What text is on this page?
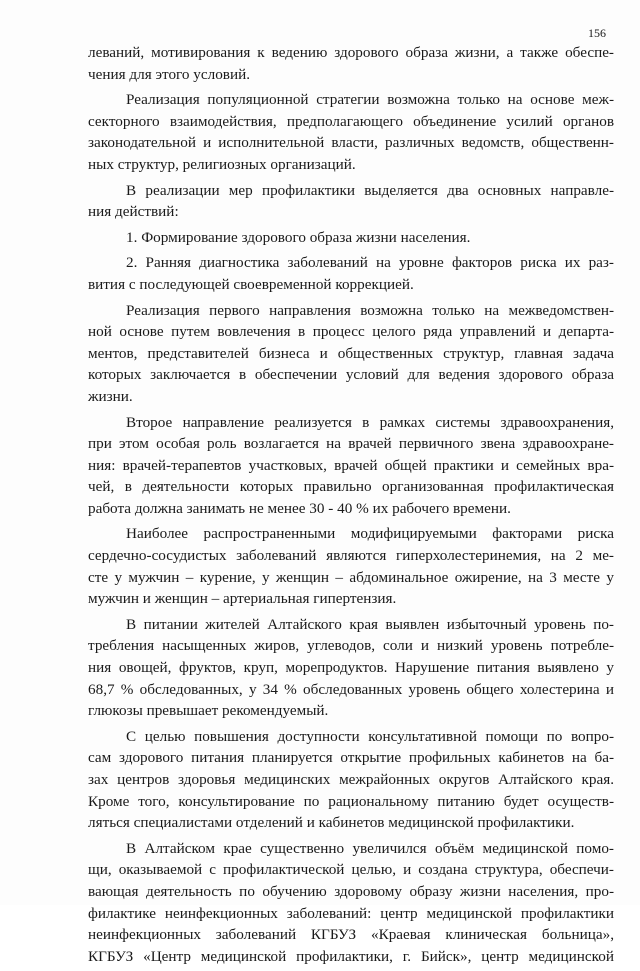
156
леваний, мотивирования к ведению здорового образа жизни, а также обеспе-
чения для этого условий.
Реализация популяционной стратегии возможна только на основе меж-
секторного взаимодействия, предполагающего объединение усилий органов
законодательной и исполнительной власти, различных ведомств, общественн-
ных структур, религиозных организаций.
В реализации мер профилактики выделяется два основных направле-
ния действий:
1. Формирование здорового образа жизни населения.
2. Ранняя диагностика заболеваний на уровне факторов риска их раз-
вития с последующей своевременной коррекцией.
Реализация первого направления возможна только на межведомствен-
ной основе путем вовлечения в процесс целого ряда управлений и департа-
ментов, представителей бизнеса и общественных структур, главная задача
которых заключается в обеспечении условий для ведения здорового образа
жизни.
Второе направление реализуется в рамках системы здравоохранения,
при этом особая роль возлагается на врачей первичного звена здравоохране-
ния: врачей-терапевтов участковых, врачей общей практики и семейных вра-
чей, в деятельности которых правильно организованная профилактическая
работа должна занимать не менее 30 - 40 % их рабочего времени.
Наиболее распространенными модифицируемыми факторами риска
сердечно-сосудистых заболеваний являются гиперхолестеринемия, на 2 ме-
сте у мужчин – курение, у женщин – абдоминальное ожирение, на 3 месте у
мужчин и женщин – артериальная гипертензия.
В питании жителей Алтайского края выявлен избыточный уровень по-
требления насыщенных жиров, углеводов, соли и низкий уровень потребле-
ния овощей, фруктов, круп, морепродуктов. Нарушение питания выявлено у
68,7 % обследованных, у 34 % обследованных уровень общего холестерина и
глюкозы превышает рекомендуемый.
С целью повышения доступности консультативной помощи по вопро-
сам здорового питания планируется открытие профильных кабинетов на ба-
зах центров здоровья медицинских межрайонных округов Алтайского края.
Кроме того, консультирование по рациональному питанию будет осуществ-
ляться специалистами отделений и кабинетов медицинской профилактики.
В Алтайском крае существенно увеличился объём медицинской помо-
щи, оказываемой с профилактической целью, и создана структура, обеспечи-
вающая деятельность по обучению здоровому образу жизни населения, про-
филактике неинфекционных заболеваний: центр медицинской профилактики
неинфекционных заболеваний КГБУЗ «Краевая клиническая больница»,
КГБУЗ «Центр медицинской профилактики, г. Бийск», центр медицинской
